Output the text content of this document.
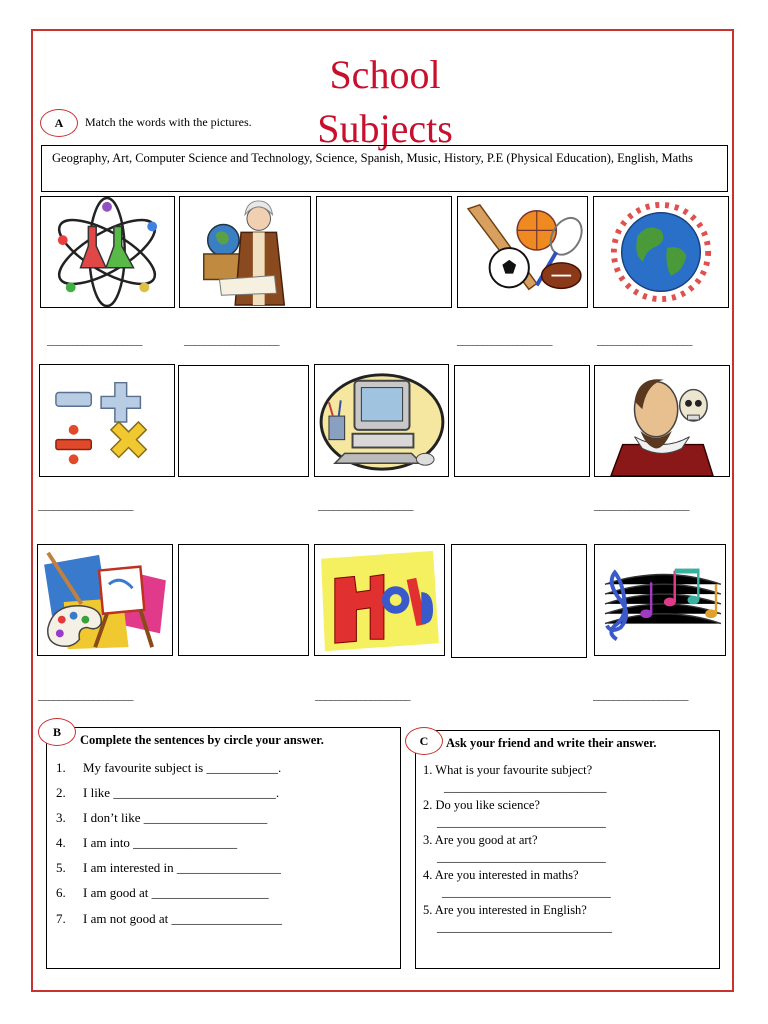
School Subjects
A	Match the words with the pictures.
Geography, Art, Computer Science and Technology, Science, Spanish, Music, History, P.E (Physical Education), English, Maths
___________________	___________________	___________________	___________________
___________________	___________________	___________________
___________________	___________________	___________________
B
Complete the sentences by circle your answer.
1. My favourite subject is ___________.
2. I like _________________________.
3. I don’t like ___________________
4. I am into ________________
5. I am interested in ________________
6. I am good at __________________
7. I am not good at _________________
C	Ask your friend and write their answer.
1. What is your favourite subject?
__________________________
2. Do you like science?
___________________________
3. Are you good at art?
___________________________
4. Are you interested in maths?
___________________________
5. Are you interested in English?
____________________________
